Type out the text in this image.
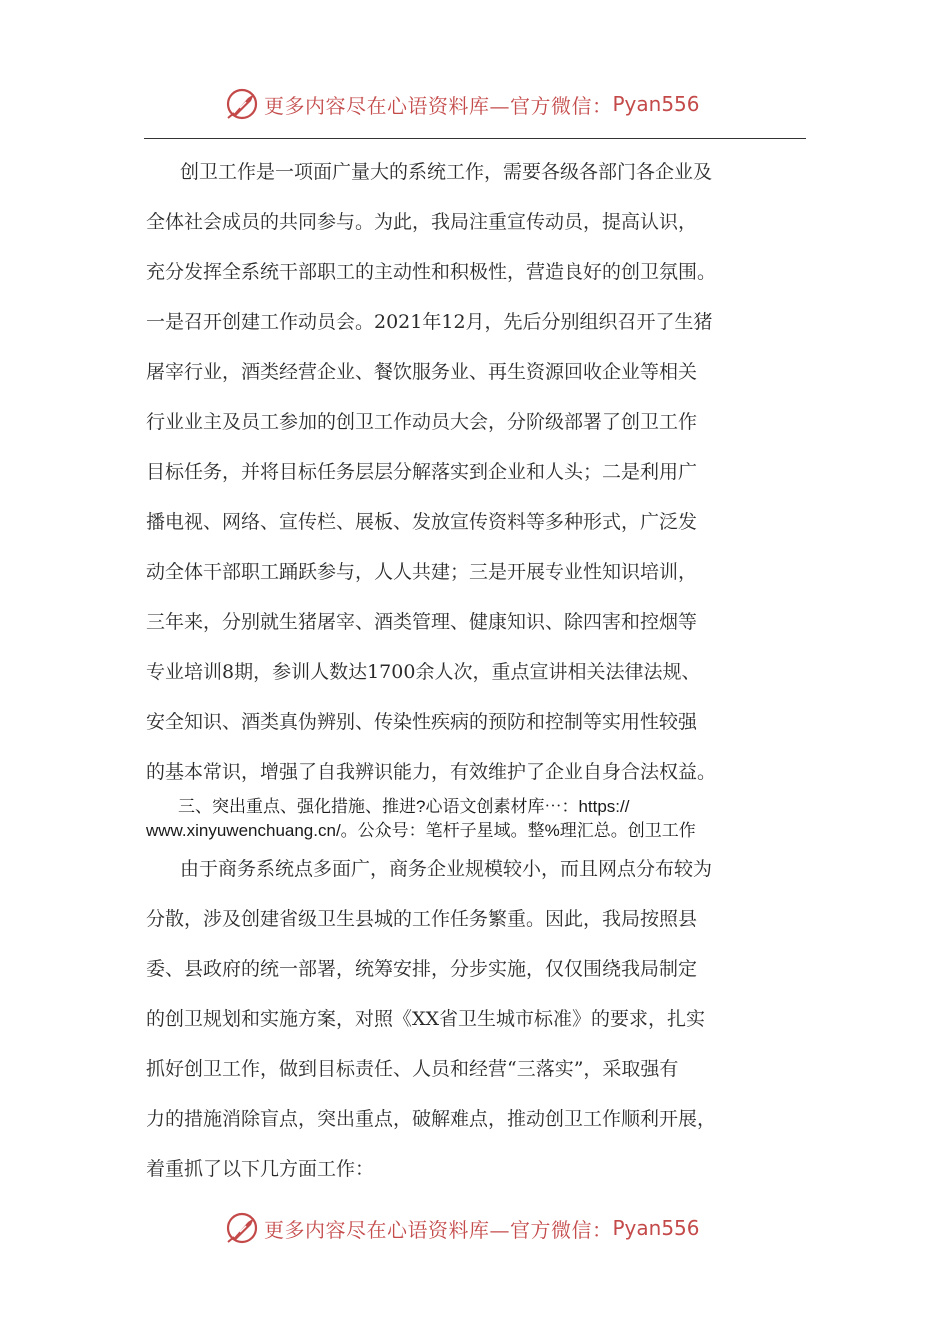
更多内容尽在心语资料库—官方微信： Pyan556
创卫工作是一项面广量大的系统工作，需要各级各部门各企业及
全体社会成员的共同参与。为此，我局注重宣传动员，提高认识，
充分发挥全系统干部职工的主动性和积极性，营造良好的创卫氛围。
一是召开创建工作动员会。2021年12月，先后分别组织召开了生猪
屠宰行业，酒类经营企业、餐饮服务业、再生资源回收企业等相关
行业业主及员工参加的创卫工作动员大会，分阶级部署了创卫工作
目标任务，并将目标任务层层分解落实到企业和人头；二是利用广
播电视、网络、宣传栏、展板、发放宣传资料等多种形式，广泛发
动全体干部职工踊跃参与，人人共建；三是开展专业性知识培训，
三年来，分别就生猪屠宰、酒类管理、健康知识、除四害和控烟等
专业培训8期，参训人数达1700余人次，重点宣讲相关法律法规、
安全知识、酒类真伪辨别、传染性疾病的预防和控制等实用性较强
的基本常识，增强了自我辨识能力，有效维护了企业自身合法权益。
三、突出重点、强化措施、推进?心语文创素材库⋯：https://
www.xinyuwenchuang.cn/。公众号：笔杆子星域。整%理汇总。创卫工作
由于商务系统点多面广，商务企业规模较小，而且网点分布较为
分散，涉及创建省级卫生县城的工作任务繁重。因此，我局按照县
委、县政府的统一部署，统筹安排，分步实施，仅仅围绕我局制定
的创卫规划和实施方案，对照《XX省卫生城市标准》的要求，扎实
抓好创卫工作，做到目标责任、人员和经营“三落实”，采取强有
力的措施消除盲点，突出重点，破解难点，推动创卫工作顺利开展，
着重抓了以下几方面工作：
更多内容尽在心语资料库—官方微信： Pyan556
